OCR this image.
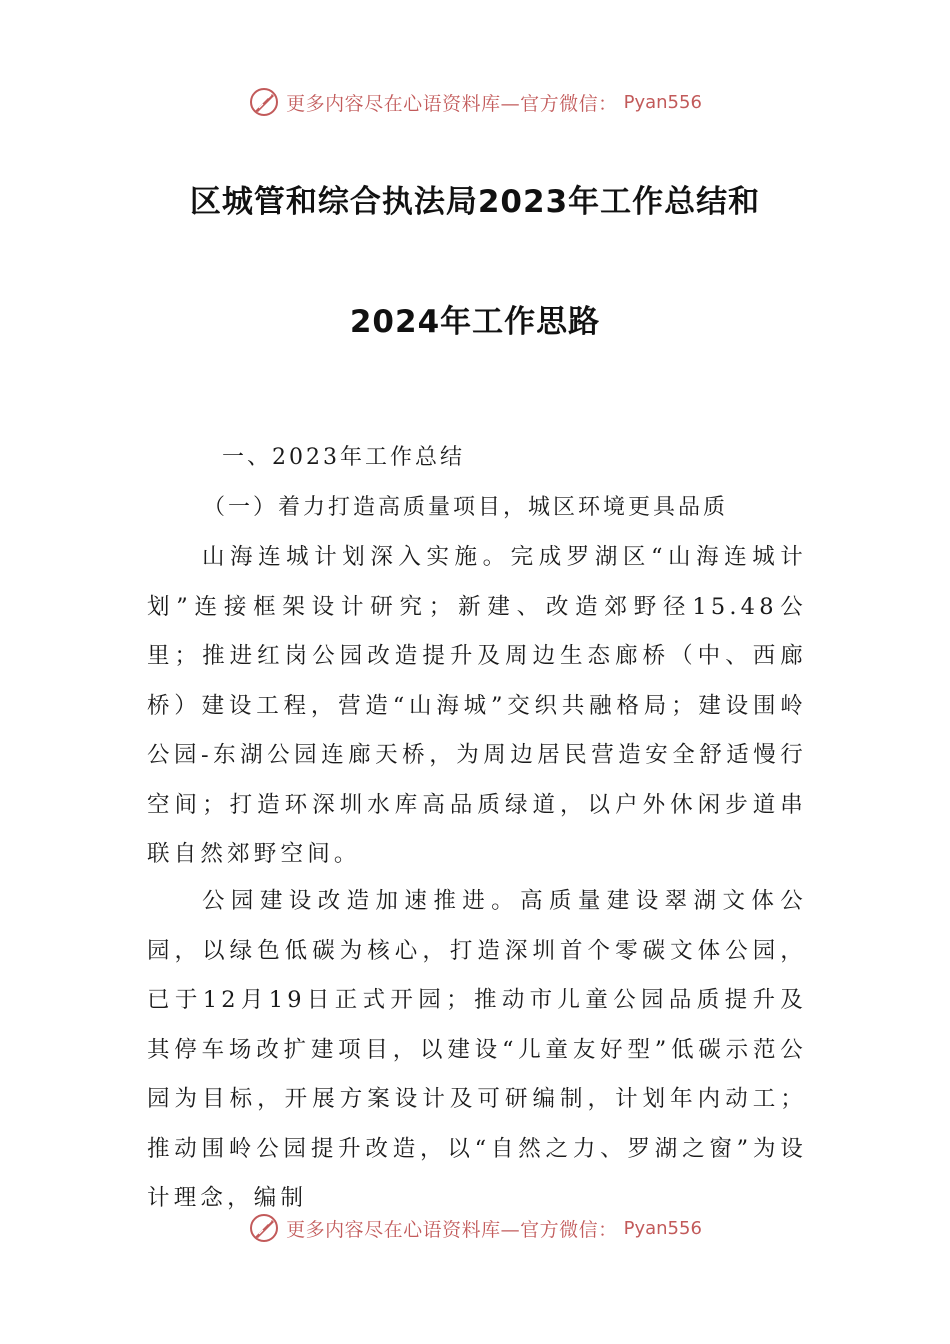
更多内容尽在心语资料库—官方微信： Pyan556
区城管和综合执法局2023年工作总结和
2024年工作思路

一、2023年工作总结

（一）着力打造高质量项目，城区环境更具品质

山海连城计划深入实施。完成罗湖区“山海连城计划”连接框架设计研究；新建、改造郊野径15.48公里；推进红岗公园改造提升及周边生态廊桥（中、西廊桥）建设工程，营造“山海城”交织共融格局；建设围岭公园-东湖公园连廊天桥，为周边居民营造安全舒适慢行空间；打造环深圳水库高品质绿道，以户外休闲步道串联自然郊野空间。

公园建设改造加速推进。高质量建设翠湖文体公园，以绿色低碳为核心，打造深圳首个零碳文体公园，已于12月19日正式开园；推动市儿童公园品质提升及其停车场改扩建项目，以建设“儿童友好型”低碳示范公园为目标，开展方案设计及可研编制，计划年内动工；推动围岭公园提升改造，以“自然之力、罗湖之窗”为设计理念，编制

更多内容尽在心语资料库—官方微信： Pyan556
